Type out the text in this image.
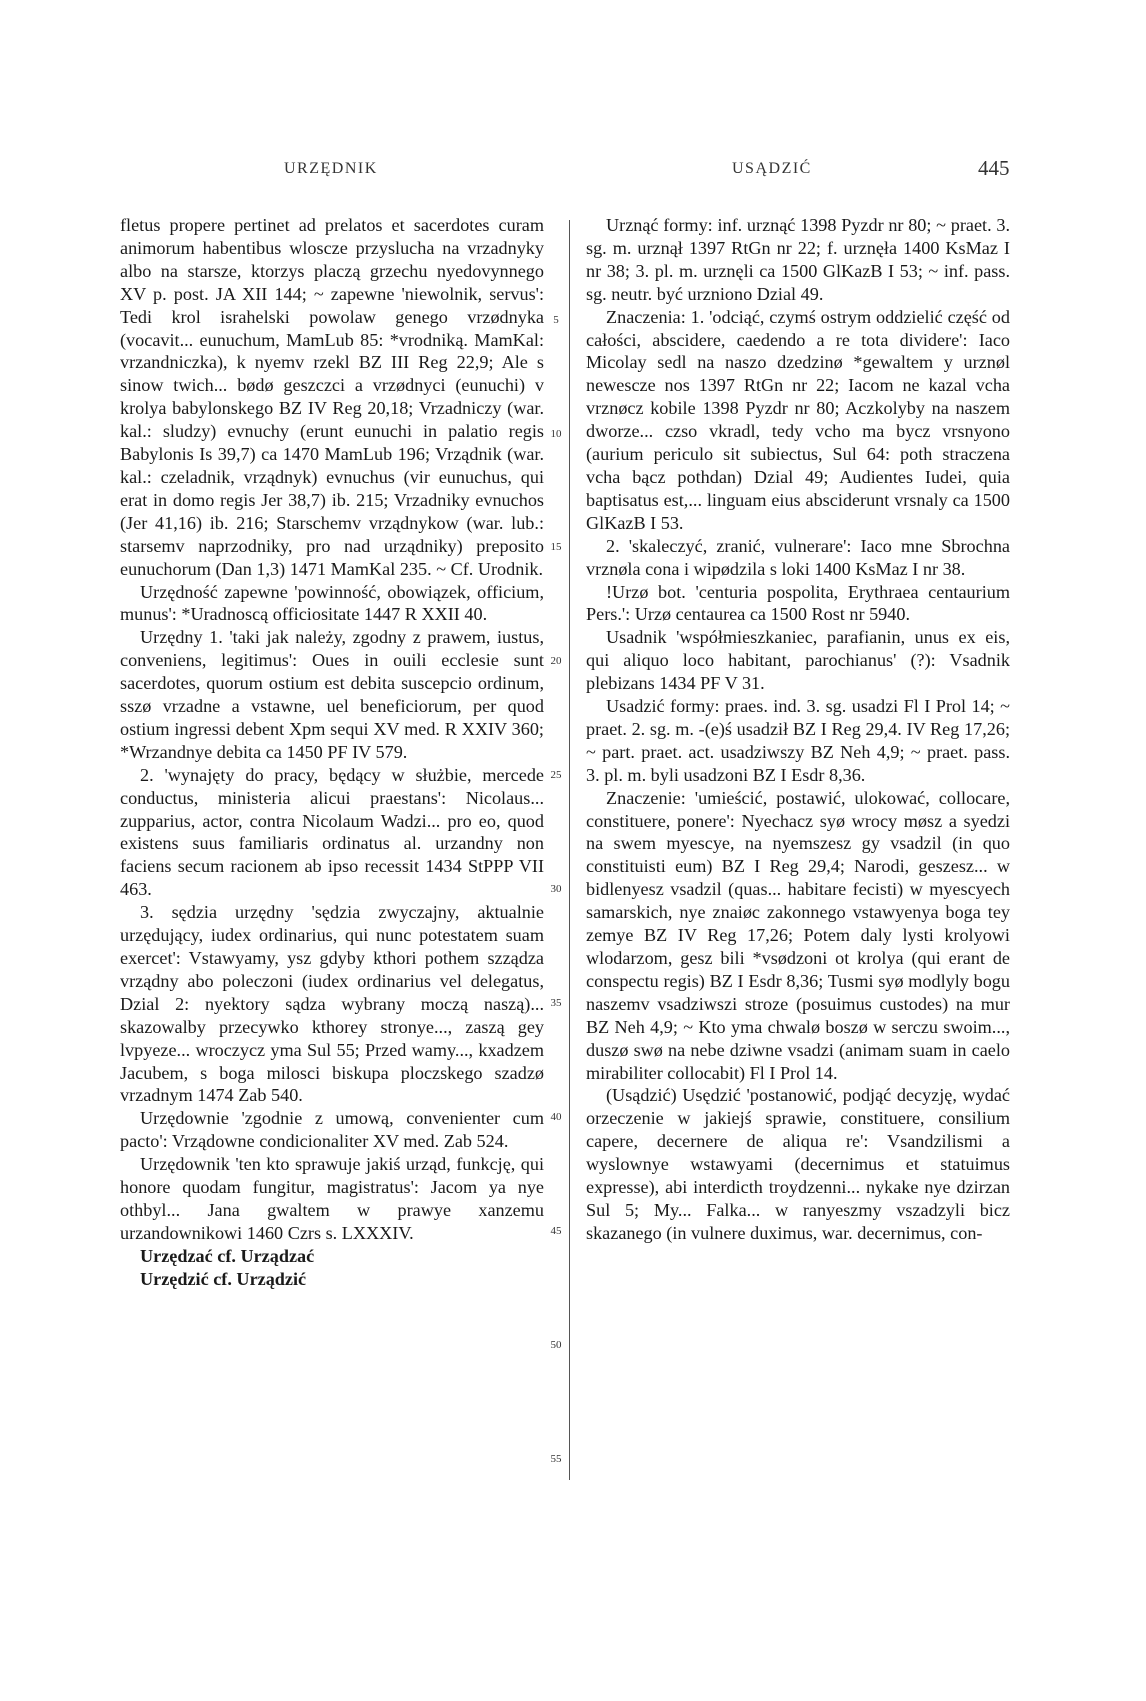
URZĘDNIK	USĄDZIĆ	445

fletus propere pertinet ad prelatos et sacerdotes curam animorum habentibus wloscze przyslucha na vrzadnyky albo na starsze, ktorzys placzą grzechu nyedovynnego XV p. post. JA XII 144; ~ zapewne 'niewolnik, servus': Tedi krol israhelski powolaw genego vrzødnyka (vocavit... eunuchum, MamLub 85: *vrodniką. MamKal: vrzandniczka), k nyemv rzekl BZ III Reg 22,9; Ale s sinow twich... bødø geszczci a vrzødnyci (eunuchi) v krolya babylonskego BZ IV Reg 20,18; Vrzadniczy (war. kal.: sludzy) evnuchy (erunt eunuchi in palatio regis Babylonis Is 39,7) ca 1470 MamLub 196; Vrządnik (war. kal.: czeladnik, vrządnyk) evnuchus (vir eunuchus, qui erat in domo regis Jer 38,7) ib. 215; Vrzadniky evnuchos (Jer 41,16) ib. 216; Starschemv vrządnykow (war. lub.: starsemv naprzodniky, pro nad urządniky) preposito eunuchorum (Dan 1,3) 1471 MamKal 235. ~ Cf. Urodnik.

Urzędność zapewne 'powinność, obowiązek, officium, munus': *Uradnoscą officiositate 1447 R XXII 40.

Urzędny 1. 'taki jak należy, zgodny z prawem, iustus, conveniens, legitimus': Oues in ouili ecclesie sunt sacerdotes, quorum ostium est debita suscepcio ordinum, sszø vrzadne a vstawne, uel beneficiorum, per quod ostium ingressi debent Xpm sequi XV med. R XXIV 360; *Wrzandnye debita ca 1450 PF IV 579.

2. 'wynajęty do pracy, będący w służbie, mercede conductus, ministeria alicui praestans': Nicolaus... zupparius, actor, contra Nicolaum Wadzi... pro eo, quod existens suus familiaris ordinatus al. urzandny non faciens secum racionem ab ipso recessit 1434 StPPP VII 463.

3. sędzia urzędny 'sędzia zwyczajny, aktualnie urzędujący, iudex ordinarius, qui nunc potestatem suam exercet': Vstawyamy, ysz gdyby kthori pothem szządza vrządny abo poleczoni (iudex ordinarius vel delegatus, Dzial 2: nyektory sądza wybrany moczą naszą)... skazowalby przecywko kthorey stronye..., zaszą gey lvpyeze... wroczycz yma Sul 55; Przed wamy..., kxadzem Jacubem, s boga milosci biskupa ploczskego szadzø vrzadnym 1474 Zab 540.

Urzędownie 'zgodnie z umową, convenienter cum pacto': Vrządowne condicionaliter XV med. Zab 524.

Urzędownik 'ten kto sprawuje jakiś urząd, funkcję, qui honore quodam fungitur, magistratus': Jacom ya nye othbyl... Jana gwaltem w prawye xanzemu urzandownikowi 1460 Czrs s. LXXXIV.

Urzędzać cf. Urządzać

Urzędzić cf. Urządzić

5
10
15
20
25
30
35
40
45
50
55

Urznąć formy: inf. urznąć 1398 Pyzdr nr 80; ~ praet. 3. sg. m. urznął 1397 RtGn nr 22; f. urznęła 1400 KsMaz I nr 38; 3. pl. m. urznęli ca 1500 GlKazB I 53; ~ inf. pass. sg. neutr. być urzniono Dzial 49.

Znaczenia: 1. 'odciąć, czymś ostrym oddzielić część od całości, abscidere, caedendo a re tota dividere': Iaco Micolay sedl na naszo dzedzinø *gewaltem y urznøl newescze nos 1397 RtGn nr 22; Iacom ne kazal vcha vrznøcz kobile 1398 Pyzdr nr 80; Aczkolyby na naszem dworze... czso vkradl, tedy vcho ma bycz vrsnyono (aurium periculo sit subiectus, Sul 64: poth straczena vcha bącz pothdan) Dzial 49; Audientes Iudei, quia baptisatus est,... linguam eius absciderunt vrsnaly ca 1500 GlKazB I 53.

2. 'skaleczyć, zranić, vulnerare': Iaco mne Sbrochna vrznøla cona i wipødzila s loki 1400 KsMaz I nr 38.

!Urzø bot. 'centuria pospolita, Erythraea centaurium Pers.': Urzø centaurea ca 1500 Rost nr 5940.

Usadnik 'współmieszkaniec, parafianin, unus ex eis, qui aliquo loco habitant, parochianus' (?): Vsadnik plebizans 1434 PF V 31.

Usadzić formy: praes. ind. 3. sg. usadzi Fl I Prol 14; ~ praet. 2. sg. m. -(e)ś usadził BZ I Reg 29,4. IV Reg 17,26; ~ part. praet. act. usadziwszy BZ Neh 4,9; ~ praet. pass. 3. pl. m. byli usadzoni BZ I Esdr 8,36.

Znaczenie: 'umieścić, postawić, ulokować, collocare, constituere, ponere': Nyechacz syø wrocy møsz a syedzi na swem myescye, na nyemszesz gy vsadzil (in quo constituisti eum) BZ I Reg 29,4; Narodi, geszesz... w bidlenyesz vsadzil (quas... habitare fecisti) w myescyech samarskich, nye znaiøc zakonnego vstawyenya boga tey zemye BZ IV Reg 17,26; Potem daly lysti krolyowi wlodarzom, gesz bili *vsødzoni ot krolya (qui erant de conspectu regis) BZ I Esdr 8,36; Tusmi syø modlyly bogu naszemv vsadziwszi stroze (posuimus custodes) na mur BZ Neh 4,9; ~ Kto yma chwalø boszø w serczu swoim..., duszø swø na nebe dziwne vsadzi (animam suam in caelo mirabiliter collocabit) Fl I Prol 14.

(Usądzić) Usędzić 'postanowić, podjąć decyzję, wydać orzeczenie w jakiejś sprawie, constituere, consilium capere, decernere de aliqua re': Vsandzilismi a wyslownye wstawyami (decernimus et statuimus expresse), abi interdicth troydzenni... nykake nye dzirzan Sul 5; My... Falka... w ranyeszmy vszadzyli bicz skazanego (in vulnere duximus, war. decernimus, con-
